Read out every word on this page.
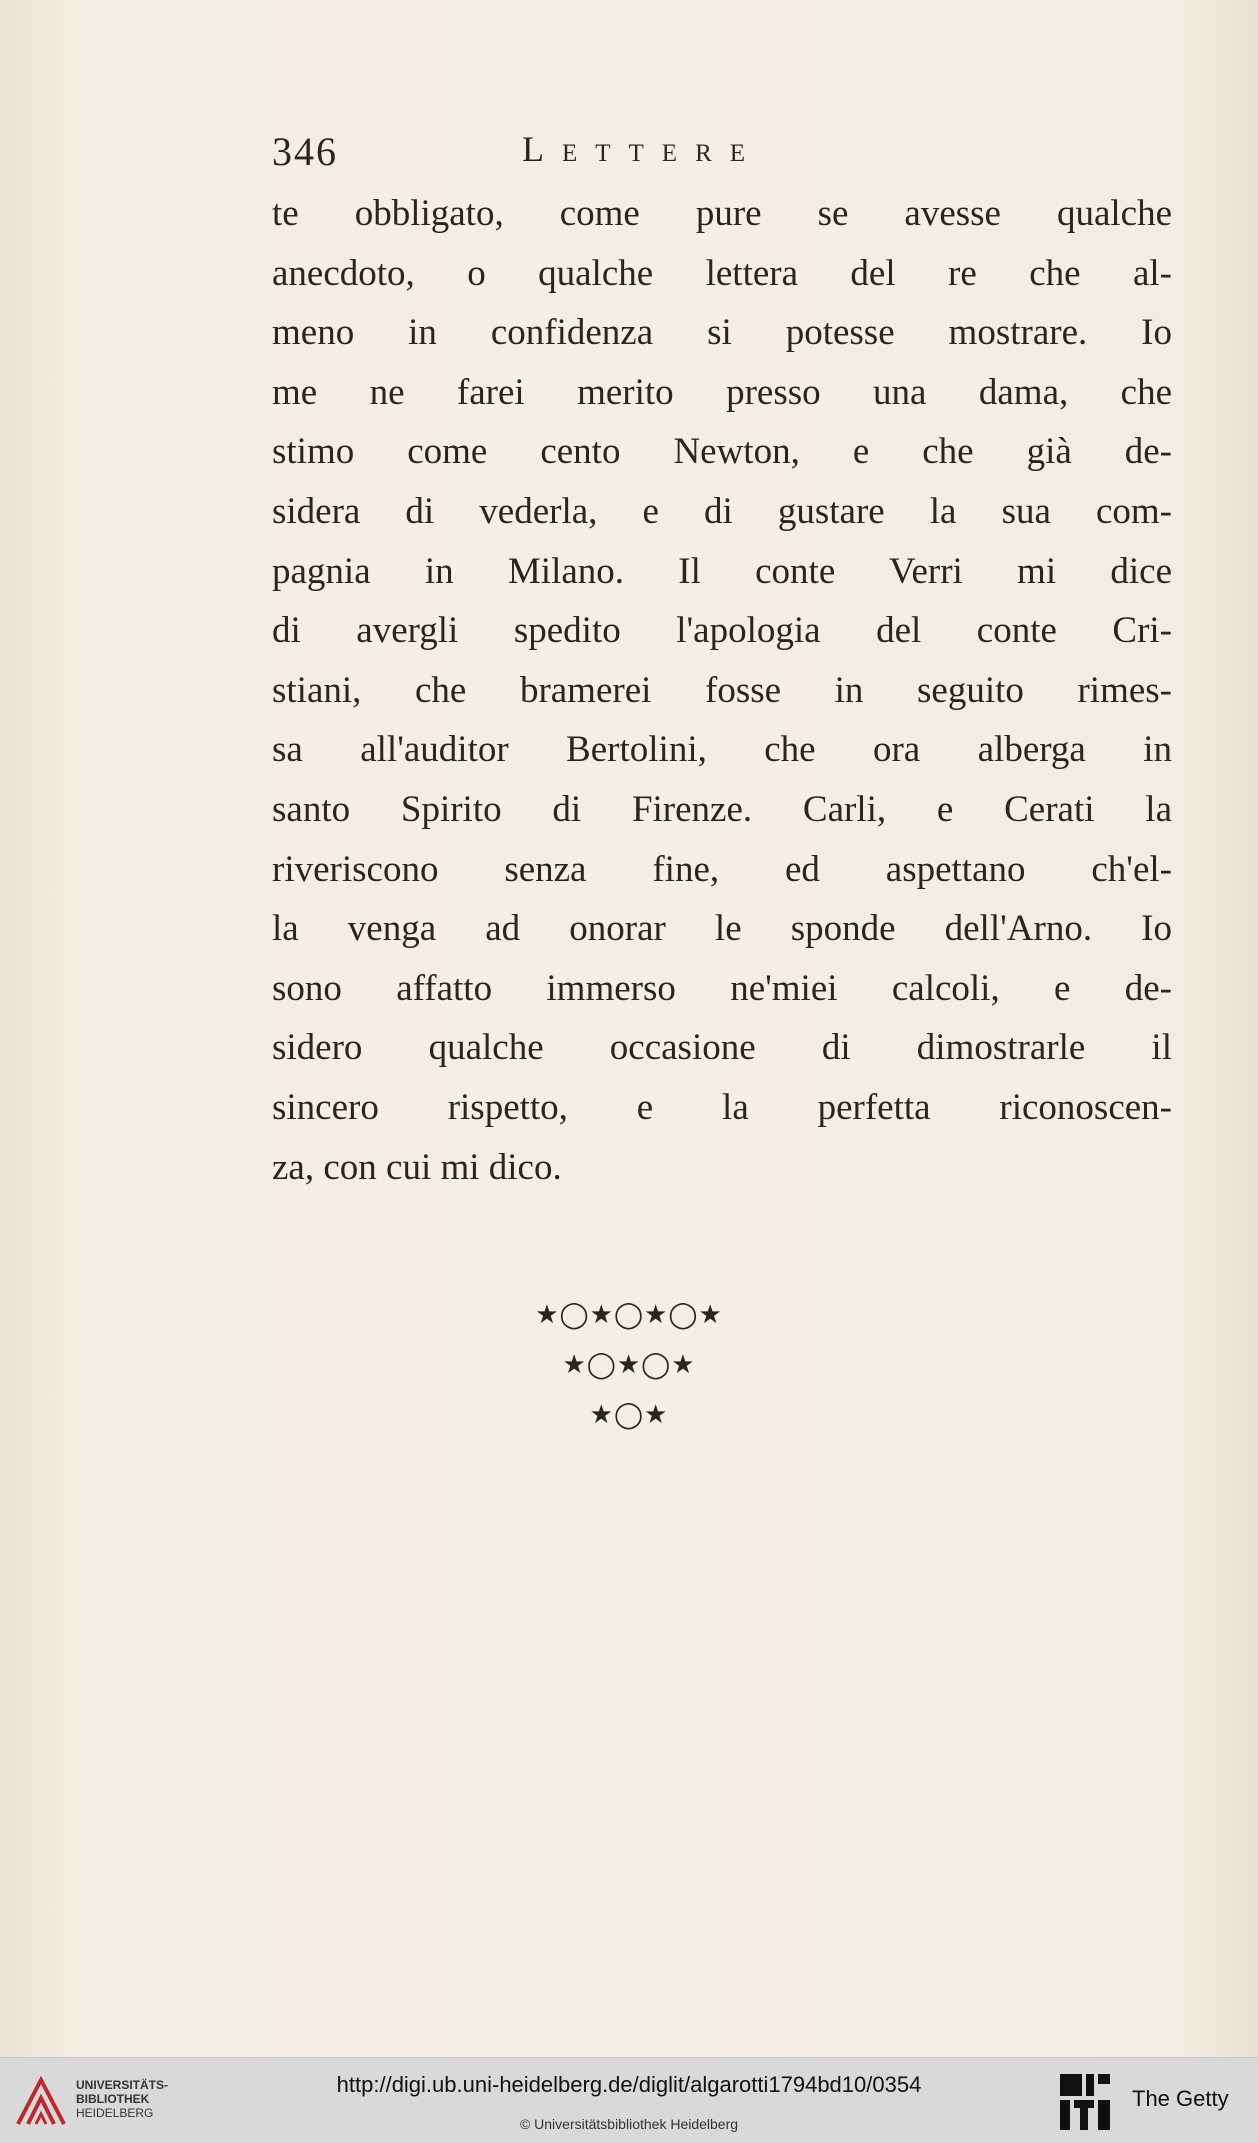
346	Lettere
te obbligato, come pure se avesse qualche
anecdoto, o qualche lettera del re che al-
meno in confidenza si potesse mostrare. Io
me ne farei merito presso una dama, che
stimo come cento Newton, e che già de-
sidera di vederla, e di gustare la sua com-
pagnia in Milano. Il conte Verri mi dice
di avergli spedito l'apologia del conte Cri-
stiani, che bramerei fosse in seguito rimes-
sa all'auditor Bertolini, che ora alberga in
santo Spirito di Firenze. Carli, e Cerati la
riveriscono senza fine, ed aspettano ch'el-
la venga ad onorar le sponde dell'Arno. Io
sono affatto immerso ne'miei calcoli, e de-
sidero qualche occasione di dimostrarle il
sincero rispetto, e la perfetta riconoscen-
za, con cui mi dico.
★◯★◯★◯★
★◯★◯★
★◯★
UNIVERSITÄTS-
BIBLIOTHEK
HEIDELBERG
http://digi.ub.uni-heidelberg.de/diglit/algarotti1794bd10/0354
© Universitätsbibliothek Heidelberg
The Getty
